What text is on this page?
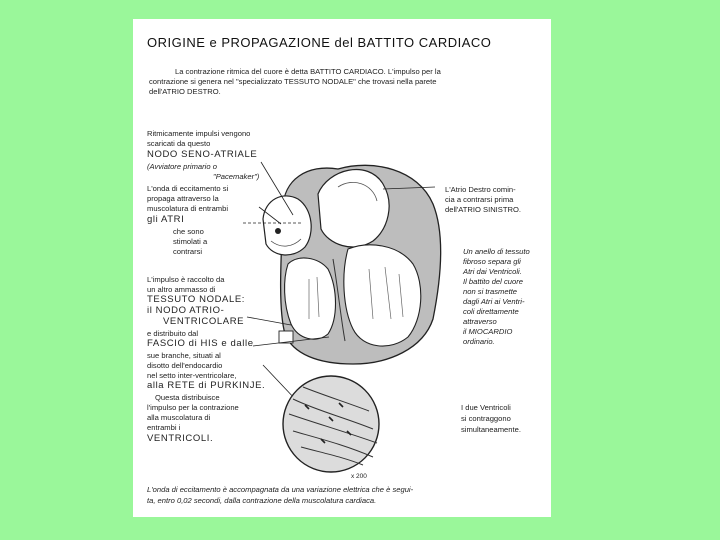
ORIGINE e PROPAGAZIONE del BATTITO CARDIACO
La contrazione ritmica del cuore è detta BATTITO CARDIACO. L'impulso per la
contrazione si genera nel "specializzato TESSUTO NODALE" che trovasi nella parete
dell'ATRIO DESTRO.
x 200
Ritmicamente impulsi vengono
scaricati da questo
NODO SENO-ATRIALE
(Avviatore primario o
"Pacemaker")
L'onda di eccitamento si
propaga attraverso la
muscolatura di entrambi
gli ATRI
che sono
stimolati a
contrarsi
L'impulso è raccolto da
un altro ammasso di
TESSUTO NODALE:
il NODO ATRIO-
VENTRICOLARE
e distribuito dal
FASCIO di HIS e dalle
sue branche, situati al
disotto dell'endocardio
nel setto inter-ventricolare,
alla RETE di PURKINJE.
Questa distribuisce
l'impulso per la contrazione
alla muscolatura di
entrambi i
VENTRICOLI.
L'Atrio Destro comin-
cia a contrarsi prima
dell'ATRIO SINISTRO.
Un anello di tessuto
fibroso separa gli
Atri dai Ventricoli.
Il battito del cuore
non si trasmette
dagli Atri ai Ventri-
coli direttamente
attraverso
il MIOCARDIO
ordinario.
I due Ventricoli
si contraggono
simultaneamente.
L'onda di eccitamento è accompagnata da una variazione elettrica che è segui-
ta, entro 0,02 secondi, dalla contrazione della muscolatura cardiaca.
